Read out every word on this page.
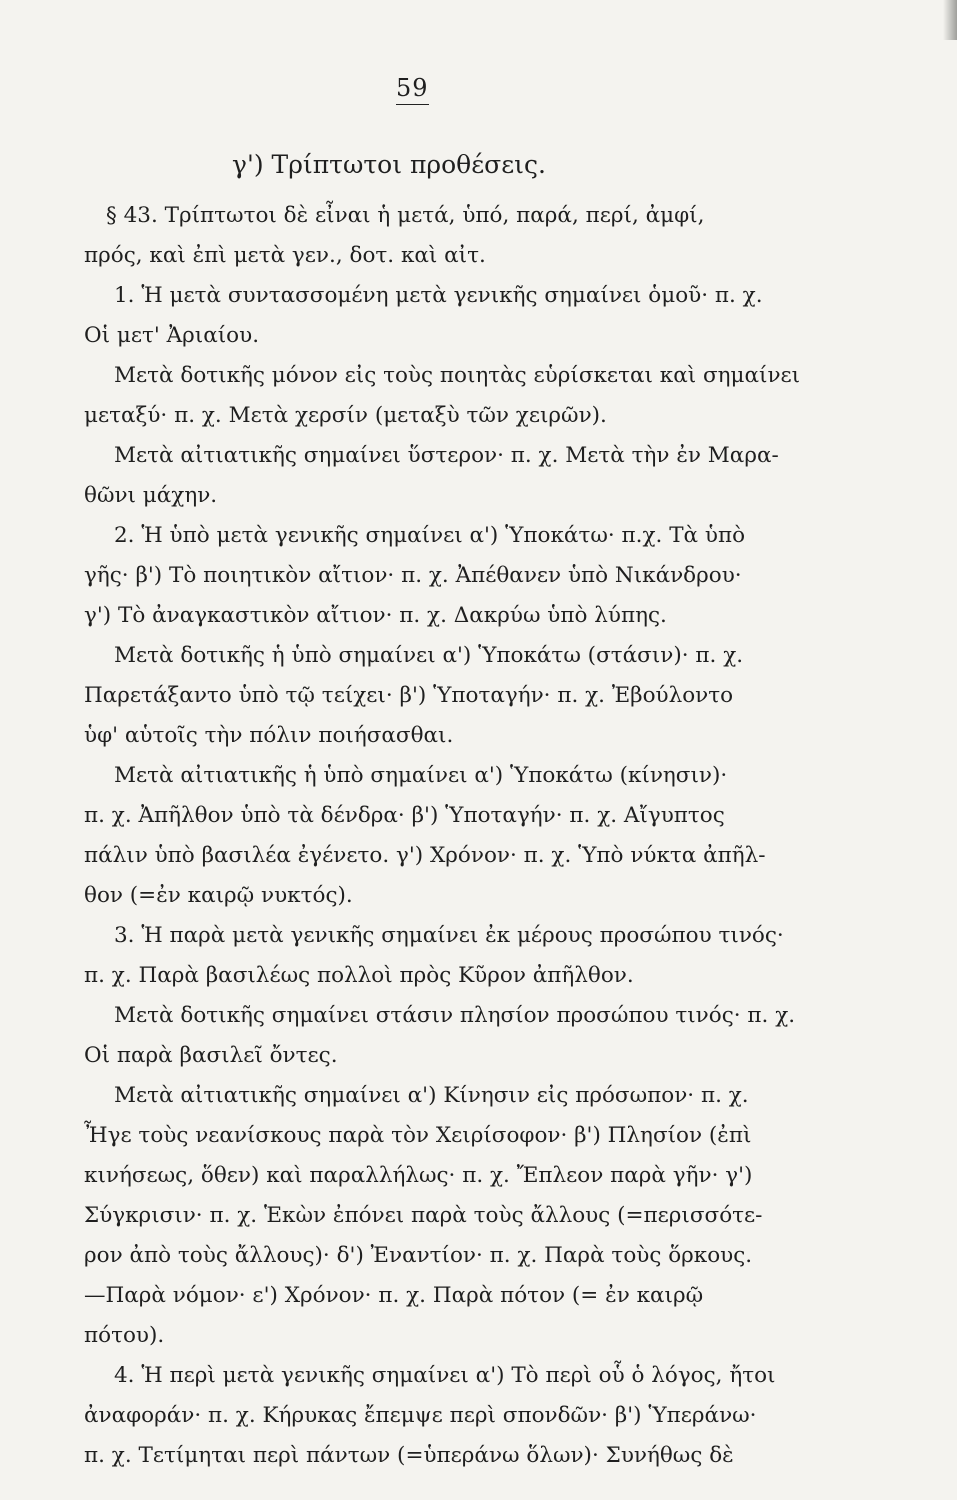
59
γ') Τρίπτωτοι προθέσεις.
§ 43. Τρίπτωτοι δὲ εἶναι ἡ μετά, ὑπό, παρά, περί, ἀμφί,
πρός, καὶ ἐπὶ μετὰ γεν., δοτ. καὶ αἰτ.
1. Ἡ μετὰ συντασσομένη μετὰ γενικῆς σημαίνει ὁμοῦ· π. χ.
Οἱ μετ' Ἀριαίου.
Μετὰ δοτικῆς μόνον εἰς τοὺς ποιητὰς εὑρίσκεται καὶ σημαίνει
μεταξύ· π. χ. Μετὰ χερσίν (μεταξὺ τῶν χειρῶν).
Μετὰ αἰτιατικῆς σημαίνει ὕστερον· π. χ. Μετὰ τὴν ἐν Μαρα-
θῶνι μάχην.
2. Ἡ ὑπὸ μετὰ γενικῆς σημαίνει α') Ὑποκάτω· π.χ. Τὰ ὑπὸ
γῆς· β') Τὸ ποιητικὸν αἴτιον· π. χ. Ἀπέθανεν ὑπὸ Νικάνδρου·
γ') Τὸ ἀναγκαστικὸν αἴτιον· π. χ. Δακρύω ὑπὸ λύπης.
Μετὰ δοτικῆς ἡ ὑπὸ σημαίνει α') Ὑποκάτω (στάσιν)· π. χ.
Παρετάξαντο ὑπὸ τῷ τείχει· β') Ὑποταγήν· π. χ. Ἐβούλοντο
ὑφ' αὑτοῖς τὴν πόλιν ποιήσασθαι.
Μετὰ αἰτιατικῆς ἡ ὑπὸ σημαίνει α') Ὑποκάτω (κίνησιν)·
π. χ. Ἀπῆλθον ὑπὸ τὰ δένδρα· β') Ὑποταγήν· π. χ. Αἴγυπτος
πάλιν ὑπὸ βασιλέα ἐγένετο. γ') Χρόνον· π. χ. Ὑπὸ νύκτα ἀπῆλ-
θον (=ἐν καιρῷ νυκτός).
3. Ἡ παρὰ μετὰ γενικῆς σημαίνει ἐκ μέρους προσώπου τινός·
π. χ. Παρὰ βασιλέως πολλοὶ πρὸς Κῦρον ἀπῆλθον.
Μετὰ δοτικῆς σημαίνει στάσιν πλησίον προσώπου τινός· π. χ.
Οἱ παρὰ βασιλεῖ ὄντες.
Μετὰ αἰτιατικῆς σημαίνει α') Κίνησιν εἰς πρόσωπον· π. χ.
Ἦγε τοὺς νεανίσκους παρὰ τὸν Χειρίσοφον· β') Πλησίον (ἐπὶ
κινήσεως, ὅθεν) καὶ παραλλήλως· π. χ. Ἔπλεον παρὰ γῆν· γ')
Σύγκρισιν· π. χ. Ἑκὼν ἐπόνει παρὰ τοὺς ἄλλους (=περισσότε-
ρον ἀπὸ τοὺς ἄλλους)· δ') Ἐναντίον· π. χ. Παρὰ τοὺς ὅρκους.
—Παρὰ νόμον· ε') Χρόνον· π. χ. Παρὰ πότον (= ἐν καιρῷ
πότου).
4. Ἡ περὶ μετὰ γενικῆς σημαίνει α') Τὸ περὶ οὗ ὁ λόγος, ἤτοι
ἀναφοράν· π. χ. Κήρυκας ἔπεμψε περὶ σπονδῶν· β') Ὑπεράνω·
π. χ. Τετίμηται περὶ πάντων (=ὑπεράνω ὅλων)· Συνήθως δὲ
